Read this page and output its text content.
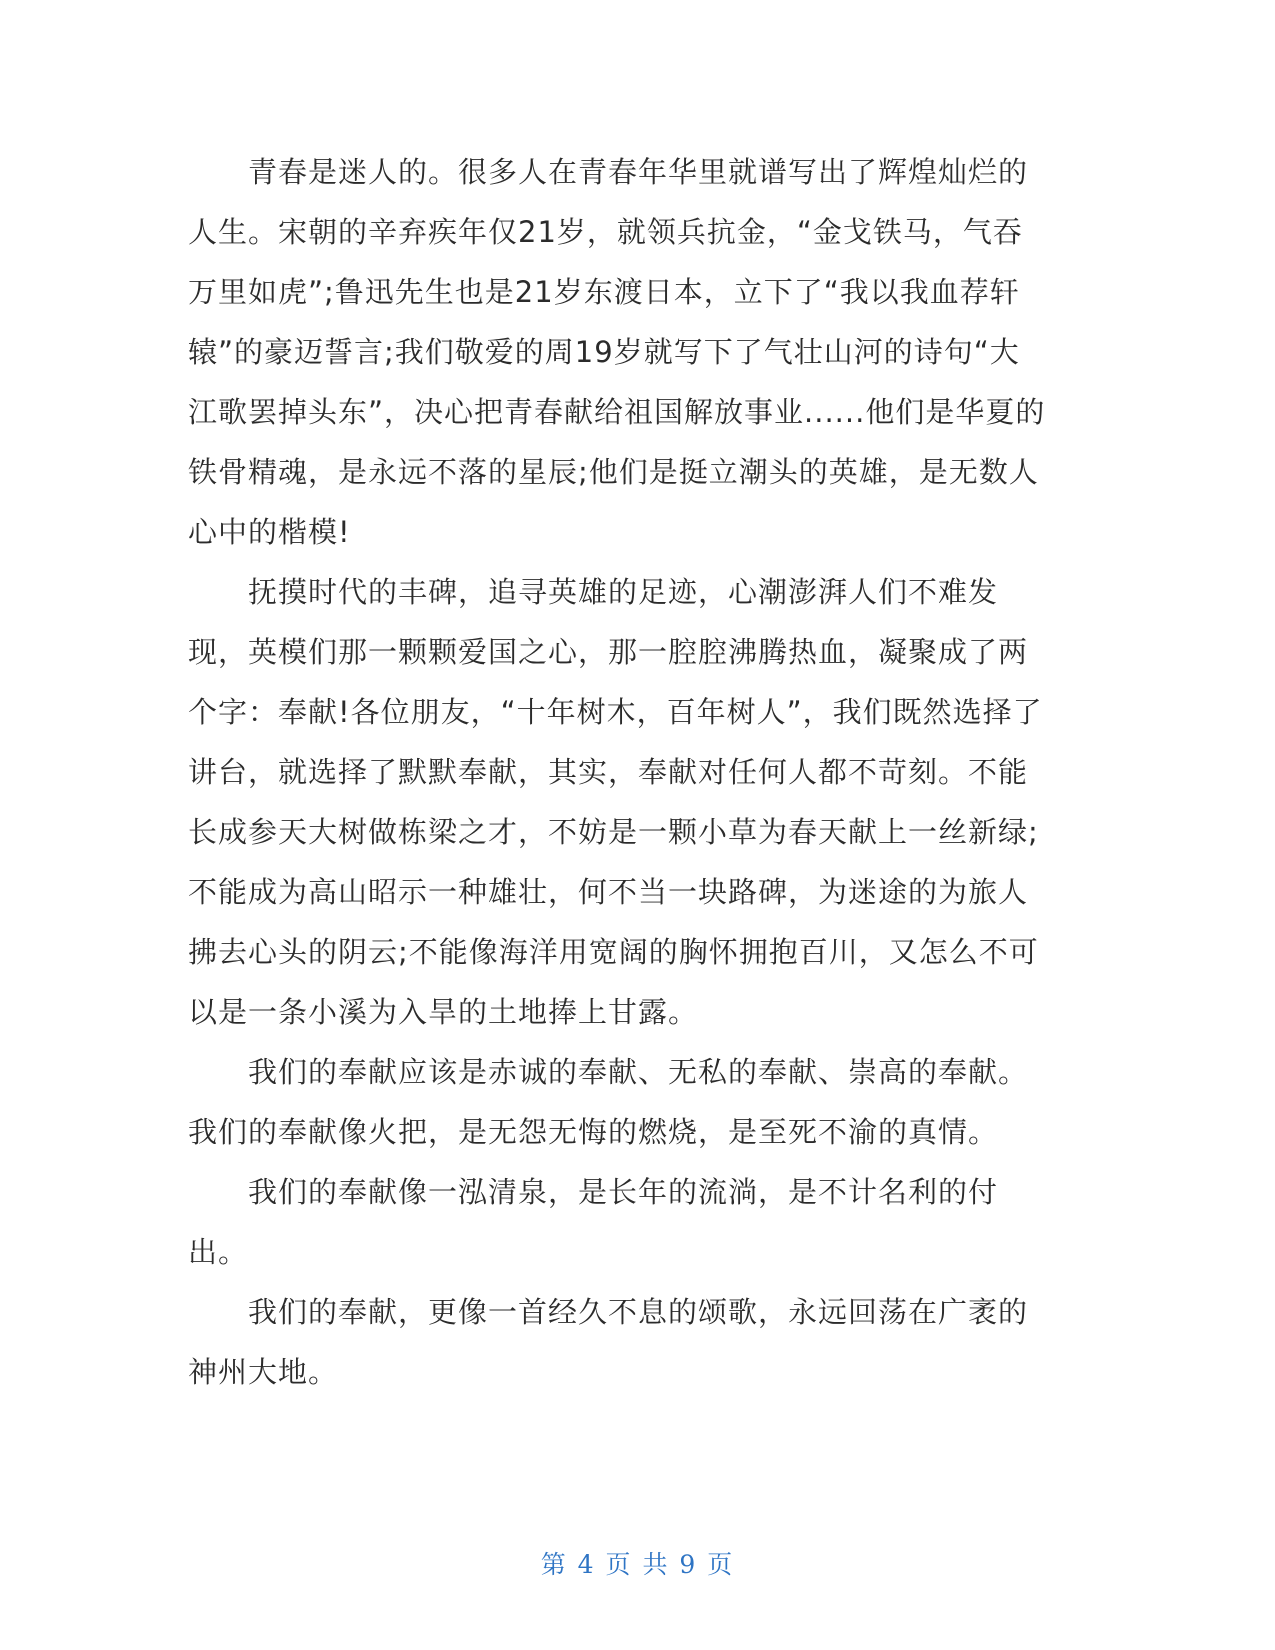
青春是迷人的。很多人在青春年华里就谱写出了辉煌灿烂的人生。宋朝的辛弃疾年仅21岁，就领兵抗金，“金戈铁马，气吞万里如虎”;鲁迅先生也是21岁东渡日本，立下了“我以我血荐轩辕”的豪迈誓言;我们敬爱的周19岁就写下了气壮山河的诗句“大江歌罢掉头东”，决心把青春献给祖国解放事业......他们是华夏的铁骨精魂，是永远不落的星辰;他们是挺立潮头的英雄，是无数人心中的楷模!

抚摸时代的丰碑，追寻英雄的足迹，心潮澎湃人们不难发现，英模们那一颗颗爱国之心，那一腔腔沸腾热血，凝聚成了两个字：奉献!各位朋友，“十年树木，百年树人”，我们既然选择了讲台，就选择了默默奉献，其实，奉献对任何人都不苛刻。不能长成参天大树做栋梁之才，不妨是一颗小草为春天献上一丝新绿;不能成为高山昭示一种雄壮，何不当一块路碑，为迷途的为旅人拂去心头的阴云;不能像海洋用宽阔的胸怀拥抱百川，又怎么不可以是一条小溪为入旱的土地捧上甘露。

我们的奉献应该是赤诚的奉献、无私的奉献、崇高的奉献。我们的奉献像火把，是无怨无悔的燃烧，是至死不渝的真情。

我们的奉献像一泓清泉，是长年的流淌，是不计名利的付出。

我们的奉献，更像一首经久不息的颂歌，永远回荡在广袤的神州大地。

第 4 页 共 9 页
